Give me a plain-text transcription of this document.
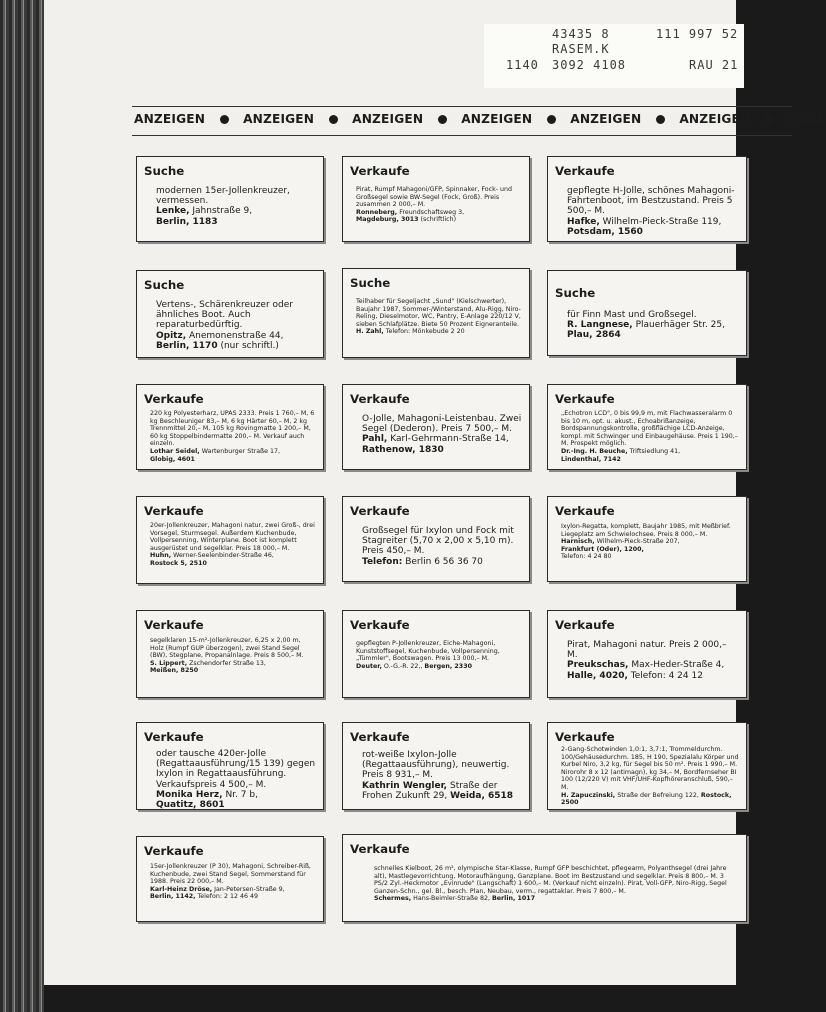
43435 8	111 997 52
RASEM.K
1140 3092 4108	RAU 21
ANZEIGEN	ANZEIGEN	ANZEIGEN	ANZEIGEN	ANZEIGEN	ANZEIGEN	ANZE
Suche

modernen 15er-Jollenkreuzer,

vermessen.

Lenke, Jahnstraße 9,

Berlin, 1183

Verkaufe

Pirat, Rumpf Mahagoni/GFP, Spinnaker, Fock- und Großsegel sowie BW-Segel (Fock, Groß). Preis zusammen 2 000,– M.

Ronneberg, Freundschaftsweg 3,

Magdeburg, 3013 (schriftlich)

Verkaufe

gepflegte H-Jolle, schönes Mahagoni-Fahrtenboot, im Bestzustand. Preis 5 500,– M.

Hafke, Wilhelm-Pieck-Straße 119,

Potsdam, 1560

Suche

Vertens-, Schärenkreuzer oder ähnliches Boot. Auch reparaturbedürftig.

Opitz, Anemonenstraße 44,

Berlin, 1170 (nur schriftl.)

Suche

Teilhaber für Segeljacht „Sund" (Kielschwerter), Baujahr 1987, Sommer-/Winterstand, Alu-Rigg, Niro-Reling, Dieselmotor, WC, Pantry, E-Anlage 220/12 V, sieben Schlafplätze. Biete 50 Prozent Eigneranteile.

H. Zahl, Telefon: Mönkebude 2 20

Suche

für Finn Mast und Großsegel.

R. Langnese, Plauerhäger Str. 25,

Plau, 2864

Verkaufe

220 kg Polyesterharz, UPAS 2333. Preis 1 760,– M, 6 kg Beschleuniger 83,– M, 6 kg Härter 60,– M, 2 kg Trennmittel 20,– M, 105 kg Rovingmatte 1 200,– M, 60 kg Stoppelbindermatte 200,– M. Verkauf auch einzeln.

Lothar Seidel, Wartenburger Straße 17,

Globig, 4601

Verkaufe

O-Jolle, Mahagoni-Leistenbau. Zwei Segel (Dederon). Preis 7 500,– M.

Pahl, Karl-Gehrmann-Straße 14,

Rathenow, 1830

Verkaufe

„Echotron LCD", 0 bis 99,9 m, mit Flachwasseralarm 0 bis 10 m, opt. u. akust., Echoabrißanzeige, Bordspannungskontrolle, großflächige LCD-Anzeige, kompl. mit Schwinger und Einbaugehäuse. Preis 1 190,– M. Prospekt möglich.

Dr.-Ing. H. Beuche, Triftsiedlung 41,

Lindenthal, 7142

Verkaufe

20er-Jollenkreuzer, Mahagoni natur, zwei Groß-, drei Vorsegel, Sturmsegel. Außerdem Kuchenbude, Vollpersenning, Winterplane. Boot ist komplett ausgerüstet und segelklar. Preis 18 000,– M.

Huhn, Werner-Seelenbinder-Straße 46,

Rostock 5, 2510

Verkaufe

Großsegel für Ixylon und Fock mit Stagreiter (5,70 x 2,00 x 5,10 m). Preis 450,– M.

Telefon: Berlin 6 56 36 70

Verkaufe

Ixylon-Regatta, komplett, Baujahr 1985, mit Meßbrief. Liegeplatz am Schwielochsee. Preis 8 000,– M.

Harnisch, Wilhelm-Pieck-Straße 207,

Frankfurt (Oder), 1200,

Telefon: 4 24 80

Verkaufe

segelklaren 15-m²-Jollenkreuzer, 6,25 x 2,00 m, Holz (Rumpf GUP überzogen), zwei Stand Segel (BW), Stegplane, Propanalnlage. Preis 8 500,– M.

S. Lippert, Zschendorfer Straße 13,

Meißen, 8250

Verkaufe

gepflegten P-Jollenkreuzer, Eiche-Mahagoni, Kunststoffsegel, Kuchenbude, Vollpersenning, „Tümmler", Bootswagen. Preis 13 000,– M.

Deuter, O.-G.-R. 22,, Bergen, 2330

Verkaufe

Pirat, Mahagoni natur. Preis 2 000,– M.

Preukschas, Max-Heder-Straße 4,

Halle, 4020, Telefon: 4 24 12

Verkaufe

oder tausche 420er-Jolle (Regattaausführung/15 139) gegen Ixylon in Regattaausführung. Verkaufspreis 4 500,– M.

Monika Herz, Nr. 7 b,

Quatitz, 8601

Verkaufe

rot-weiße Ixylon-Jolle (Regattaausführung), neuwertig. Preis 8 931,– M.

Kathrin Wengler, Straße der Frohen Zukunft 29, Weida, 6518

Verkaufe

2-Gang-Schotwinden 1,0:1, 3,7:1, Trommeldurchm. 100/Gehäusedurchm. 185, H 190, Spezialalu Körper und Kurbel Niro, 3,2 kg, für Segel bis 50 m². Preis 1 990,– M. Nirorohr 8 x 12 (antimagn), kg 34,– M, Bordfernseher BI 100 (12/220 V) mit VHF/UHF-Kopfhöreranschluß, 590,– M.

H. Zapuczinski, Straße der Befreiung 122, Rostock, 2500

Verkaufe

15er-Jollenkreuzer (P 30), Mahagoni, Schreiber-Riß, Kuchenbude, zwei Stand Segel, Sommerstand für 1988. Preis 22 000,– M.

Karl-Heinz Dröse, Jan-Petersen-Straße 9,

Berlin, 1142, Telefon: 2 12 46 49

Verkaufe

schnelles Kielboot, 26 m², olympische Star-Klasse, Rumpf GFP beschichtet, pflegearm, Polyanthsegel (drei Jahre alt), Mastlegevorrichtung, Motoraufhängung, Ganzplane. Boot im Bestzustand und segelklar. Preis 8 800,– M. 3 PS/2 Zyl.-Heckmotor „Evinrude" (Langschaft) 1 600,– M. (Verkauf nicht einzeln). Pirat, Voll-GFP, Niro-Rigg, Segel Ganzen-Schn., gel. Bl., besch. Plan, Neubau, verm., regattaklar. Preis 7 800,– M.

Schermes, Hans-Beimler-Straße 82, Berlin, 1017
